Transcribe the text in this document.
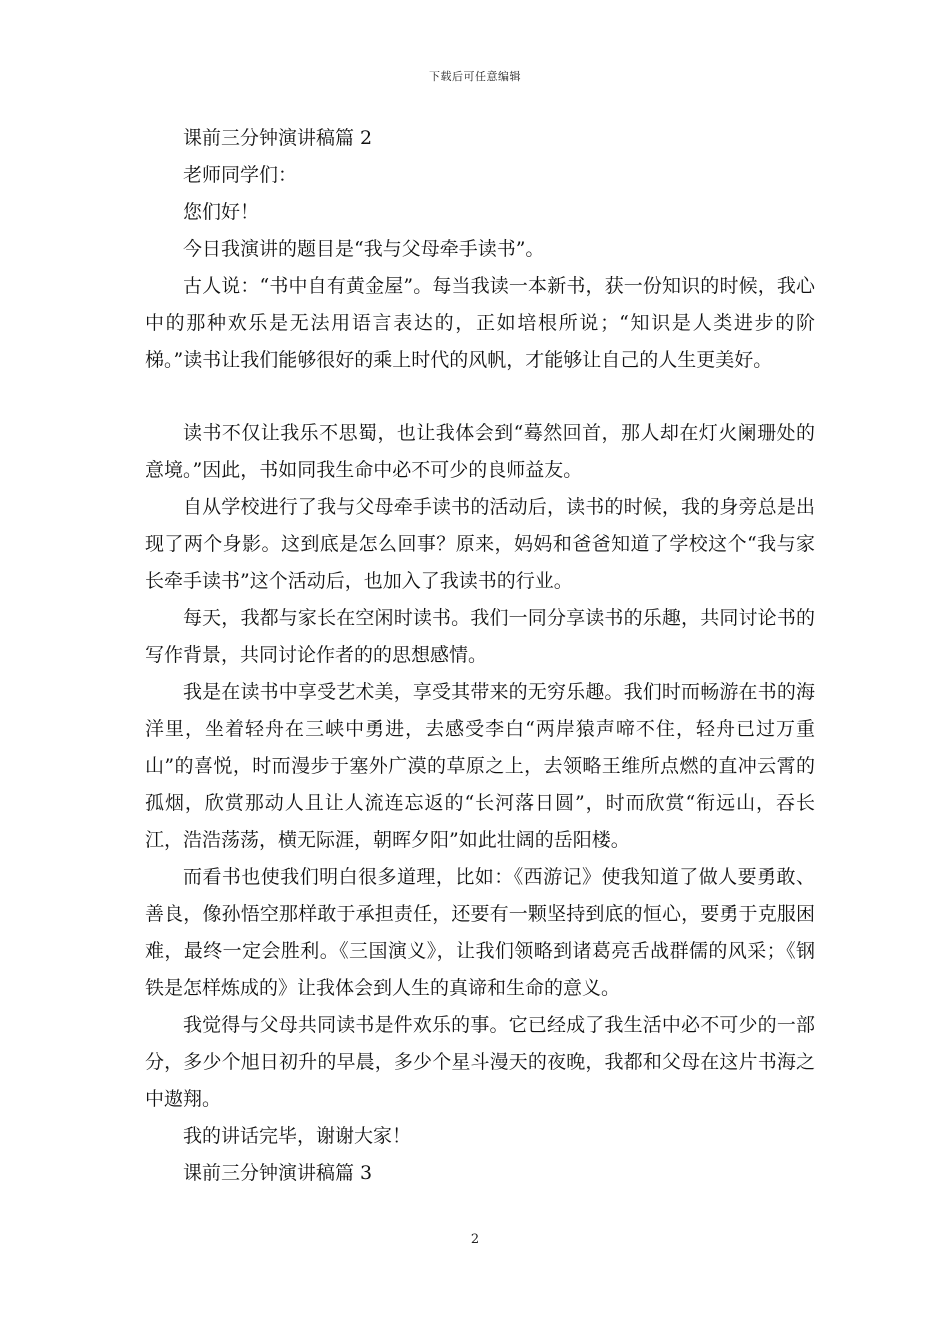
下载后可任意编辑

课前三分钟演讲稿篇 2

老师同学们：

您们好！

今日我演讲的题目是“我与父母牵手读书”。

古人说：“书中自有黄金屋”。每当我读一本新书，获一份知识的时候，我心中的那种欢乐是无法用语言表达的，正如培根所说；“知识是人类进步的阶梯。”读书让我们能够很好的乘上时代的风帆，才能够让自己的人生更美好。

读书不仅让我乐不思蜀，也让我体会到“蓦然回首，那人却在灯火阑珊处的意境。”因此，书如同我生命中必不可少的良师益友。

自从学校进行了我与父母牵手读书的活动后，读书的时候，我的身旁总是出现了两个身影。这到底是怎么回事？原来，妈妈和爸爸知道了学校这个“我与家长牵手读书”这个活动后，也加入了我读书的行业。

每天，我都与家长在空闲时读书。我们一同分享读书的乐趣，共同讨论书的写作背景，共同讨论作者的的思想感情。

我是在读书中享受艺术美，享受其带来的无穷乐趣。我们时而畅游在书的海洋里，坐着轻舟在三峡中勇进，去感受李白“两岸猿声啼不住，轻舟已过万重山”的喜悦，时而漫步于塞外广漠的草原之上，去领略王维所点燃的直冲云霄的孤烟，欣赏那动人且让人流连忘返的“长河落日圆”，时而欣赏“衔远山，吞长江，浩浩荡荡，横无际涯，朝晖夕阳”如此壮阔的岳阳楼。

而看书也使我们明白很多道理，比如：《西游记》使我知道了做人要勇敢、善良，像孙悟空那样敢于承担责任，还要有一颗坚持到底的恒心，要勇于克服困难，最终一定会胜利。《三国演义》，让我们领略到诸葛亮舌战群儒的风采；《钢铁是怎样炼成的》让我体会到人生的真谛和生命的意义。

我觉得与父母共同读书是件欢乐的事。它已经成了我生活中必不可少的一部分，多少个旭日初升的早晨，多少个星斗漫天的夜晚，我都和父母在这片书海之中遨翔。

我的讲话完毕，谢谢大家！

课前三分钟演讲稿篇 3

2
